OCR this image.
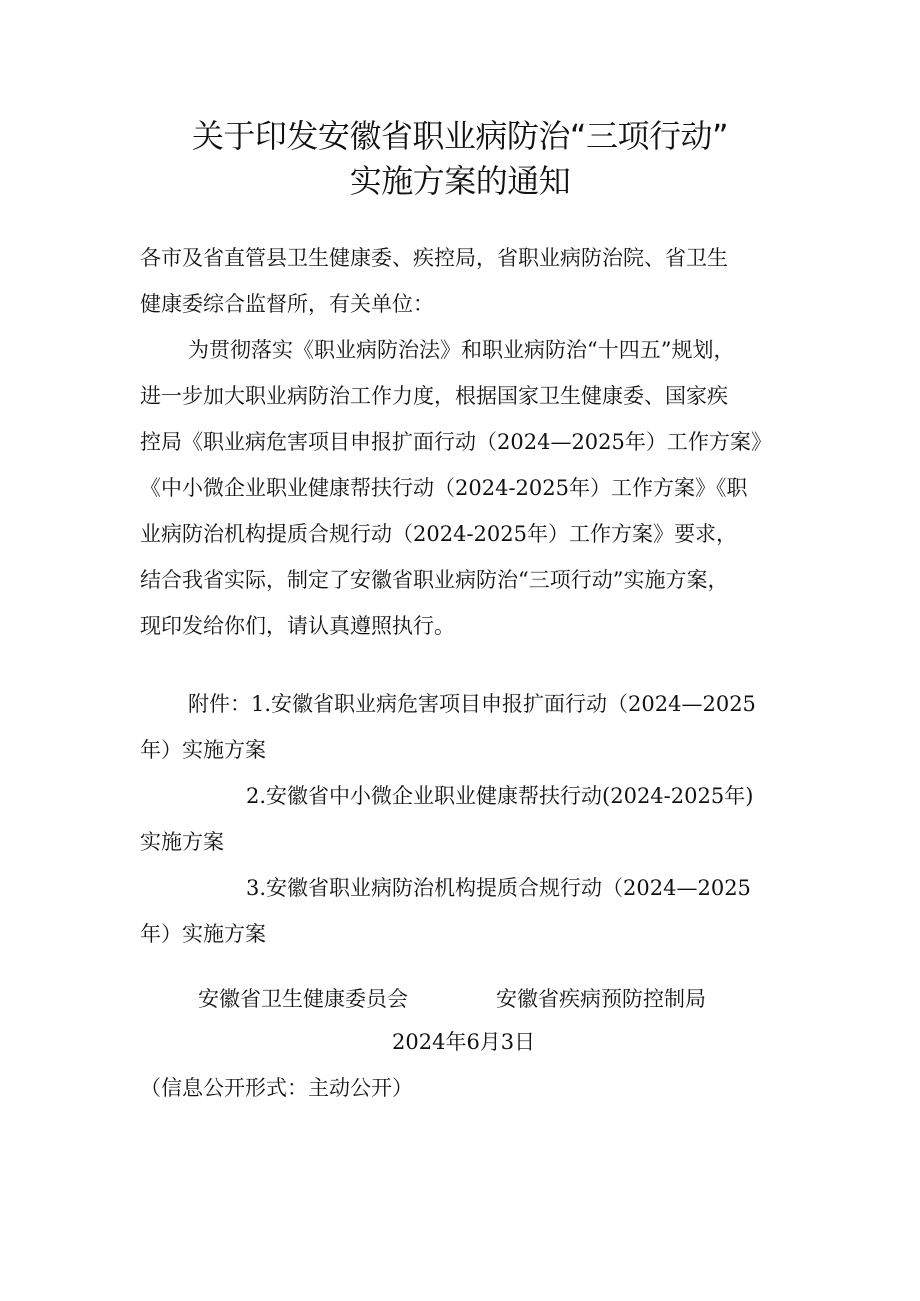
关于印发安徽省职业病防治“三项行动”
实施方案的通知
各市及省直管县卫生健康委、疾控局，省职业病防治院、省卫生
健康委综合监督所，有关单位：
为贯彻落实《职业病防治法》和职业病防治“十四五”规划，
进一步加大职业病防治工作力度，根据国家卫生健康委、国家疾
控局《职业病危害项目申报扩面行动（2024—2025年）工作方案》
《中小微企业职业健康帮扶行动（2024-2025年）工作方案》《职
业病防治机构提质合规行动（2024-2025年）工作方案》要求，
结合我省实际，制定了安徽省职业病防治“三项行动”实施方案，
现印发给你们，请认真遵照执行。
附件：1.安徽省职业病危害项目申报扩面行动（2024—2025
年）实施方案
2.安徽省中小微企业职业健康帮扶行动(2024-2025年)
实施方案
3.安徽省职业病防治机构提质合规行动（2024—2025
年）实施方案
安徽省卫生健康委员会	安徽省疾病预防控制局
2024年6月3日
（信息公开形式：主动公开）
